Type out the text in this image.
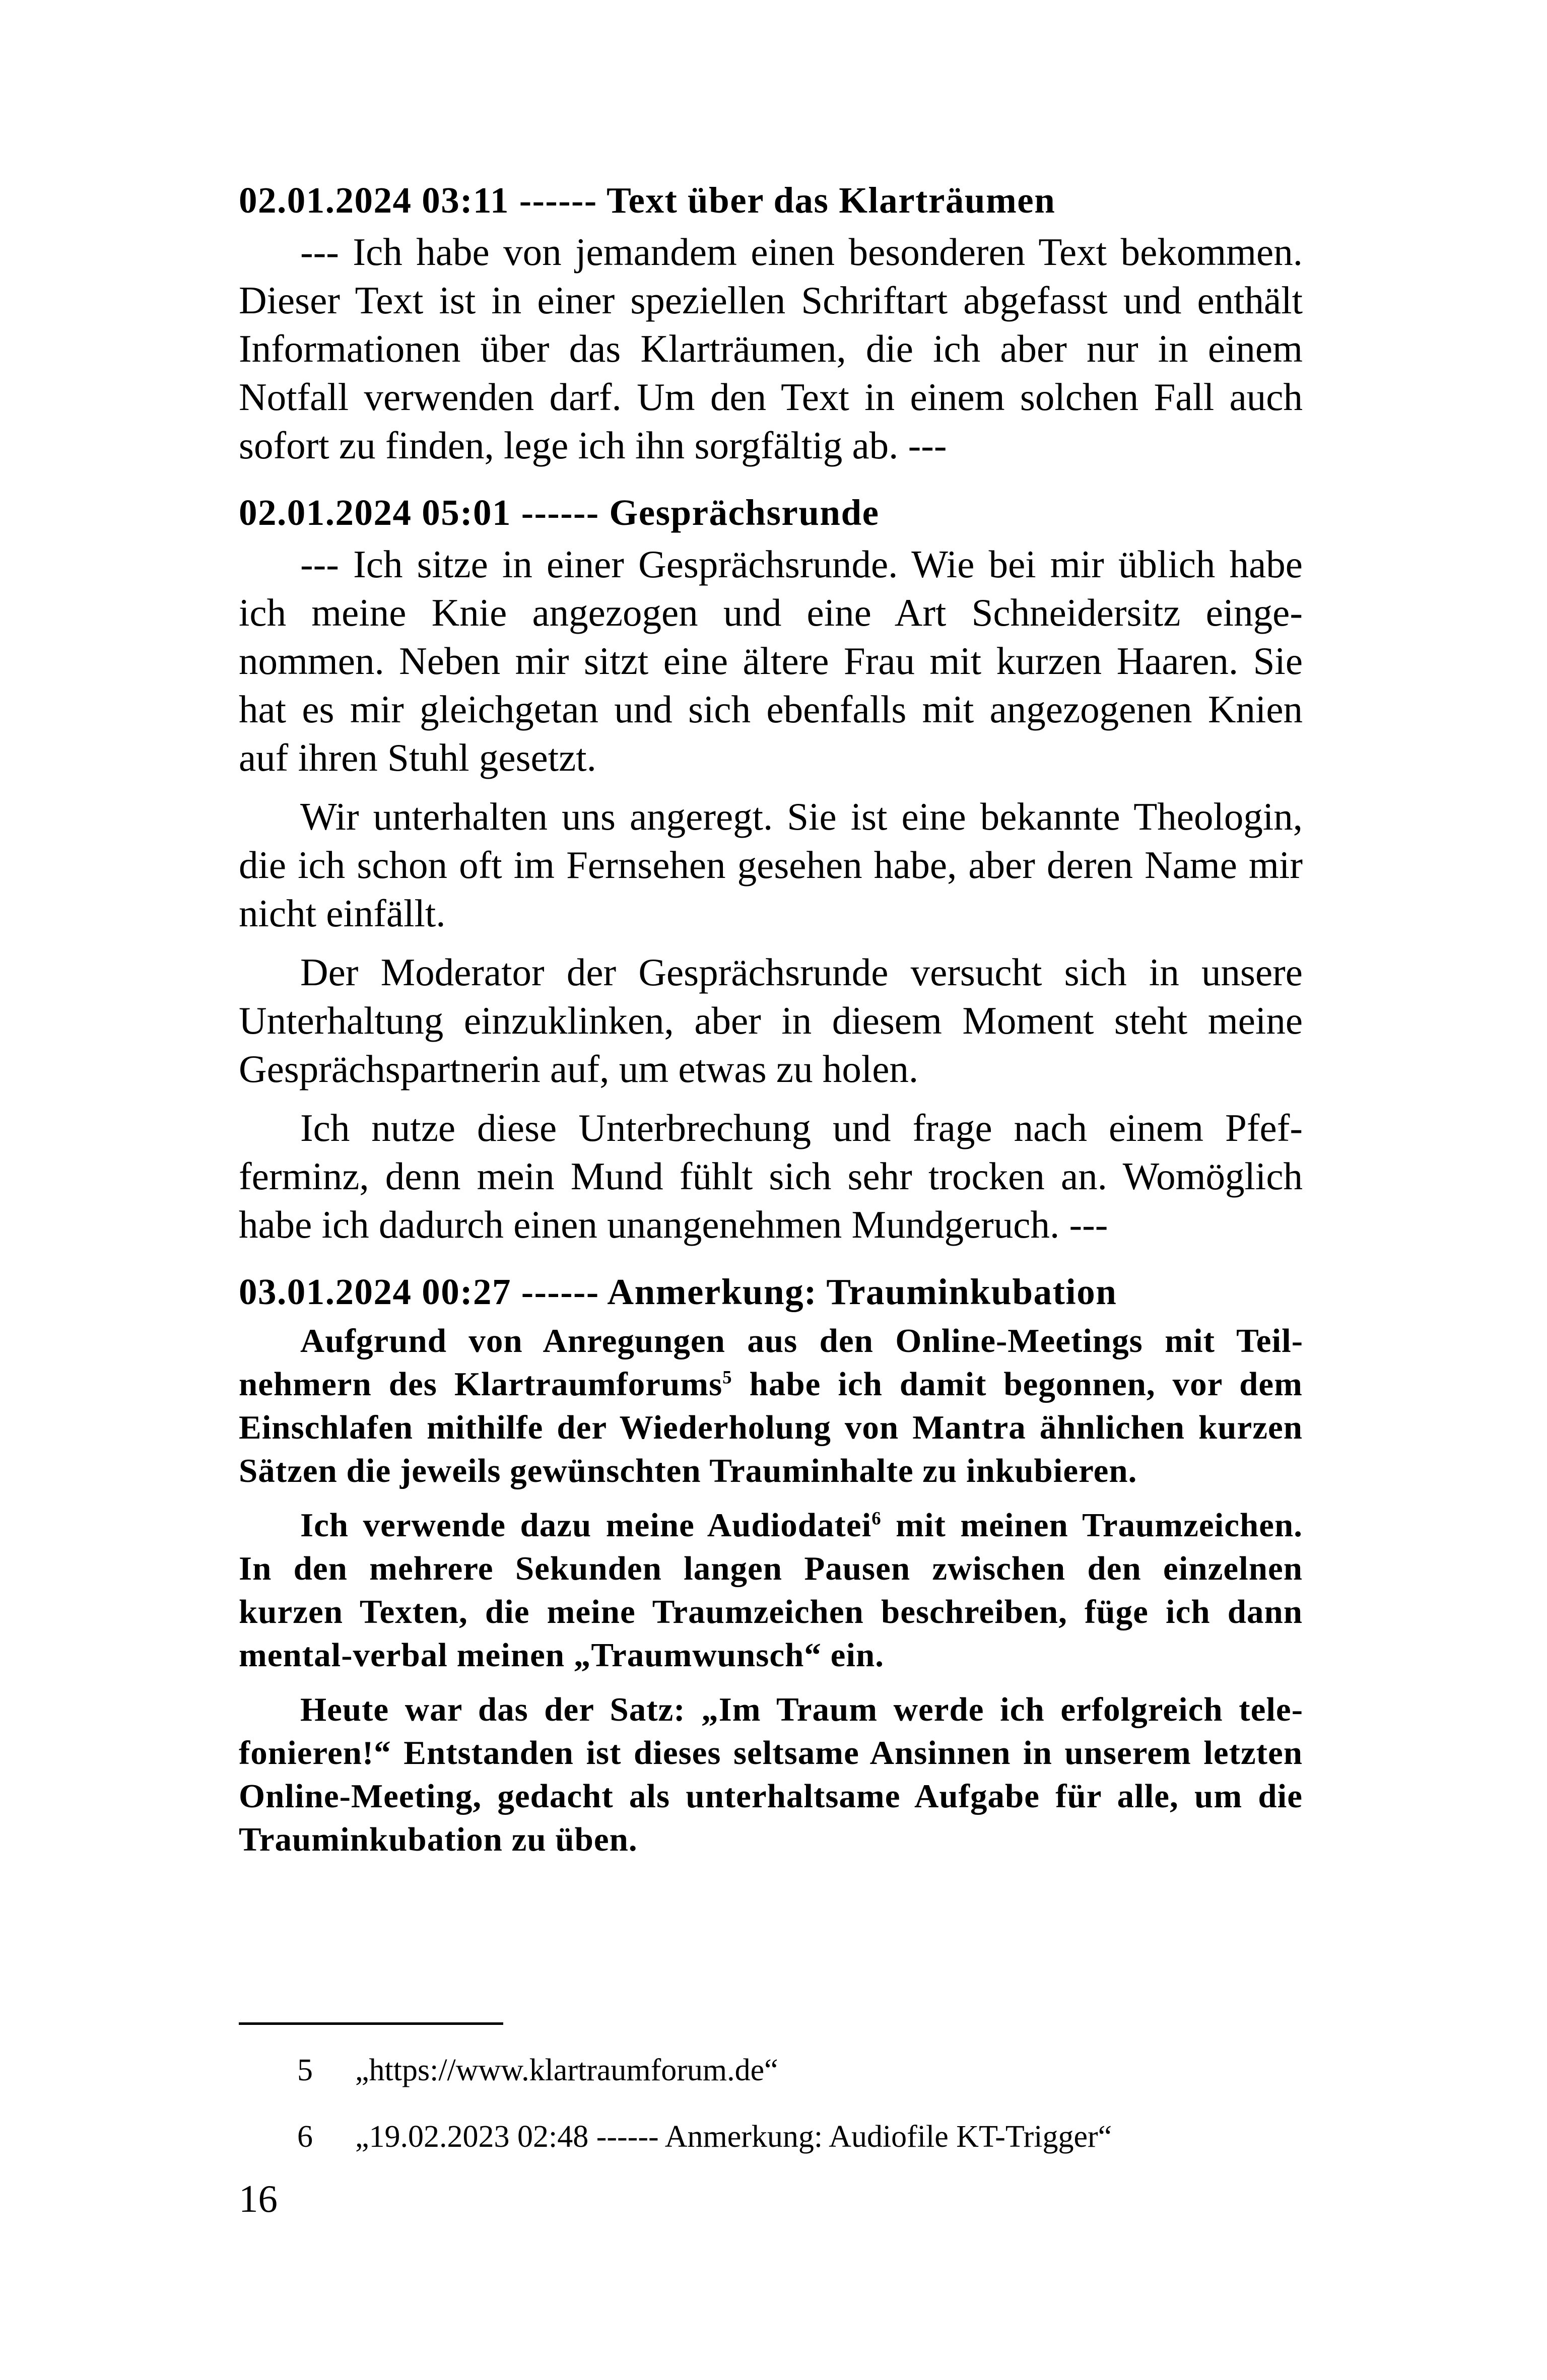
02.01.2024 03:11 ------ Text über das Klarträumen

--- Ich habe von jemandem einen besonderen Text bekommen. Dieser Text ist in einer speziellen Schriftart abgefasst und enthält Informationen über das Klarträumen, die ich aber nur in einem Notfall verwenden darf. Um den Text in einem solchen Fall auch sofort zu finden, lege ich ihn sorgfältig ab. ---

02.01.2024 05:01 ------ Gesprächsrunde

--- Ich sitze in einer Gesprächsrunde. Wie bei mir üblich habe ich meine Knie angezogen und eine Art Schneidersitz eingenommen. Neben mir sitzt eine ältere Frau mit kurzen Haaren. Sie hat es mir gleichgetan und sich ebenfalls mit angezogenen Knien auf ihren Stuhl gesetzt.

Wir unterhalten uns angeregt. Sie ist eine bekannte Theologin, die ich schon oft im Fernsehen gesehen habe, aber deren Name mir nicht einfällt.

Der Moderator der Gesprächsrunde versucht sich in unsere Unterhaltung einzuklinken, aber in diesem Moment steht meine Gesprächspartnerin auf, um etwas zu holen.

Ich nutze diese Unterbrechung und frage nach einem Pfefferminz, denn mein Mund fühlt sich sehr trocken an. Womöglich habe ich dadurch einen unangenehmen Mundgeruch. ---

03.01.2024 00:27 ------ Anmerkung: Trauminkubation

Aufgrund von Anregungen aus den Online-Meetings mit Teilnehmern des Klartraumforums$^5$ habe ich damit begonnen, vor dem Einschlafen mithilfe der Wiederholung von Mantra ähnlichen kurzen Sätzen die jeweils gewünschten Trauminhalte zu inkubieren.

Ich verwende dazu meine Audiodatei$^6$ mit meinen Traumzeichen. In den mehrere Sekunden langen Pausen zwischen den einzelnen kurzen Texten, die meine Traumzeichen beschreiben, füge ich dann mental-verbal meinen „Traumwunsch“ ein.

Heute war das der Satz: „Im Traum werde ich erfolgreich telefonieren!“ Entstanden ist dieses seltsame Ansinnen in unserem letzten Online-Meeting, gedacht als unterhaltsame Aufgabe für alle, um die Trauminkubation zu üben.

5 „https://www.klartraumforum.de“
6 „19.02.2023 02:48 ------ Anmerkung: Audiofile KT-Trigger“
16
